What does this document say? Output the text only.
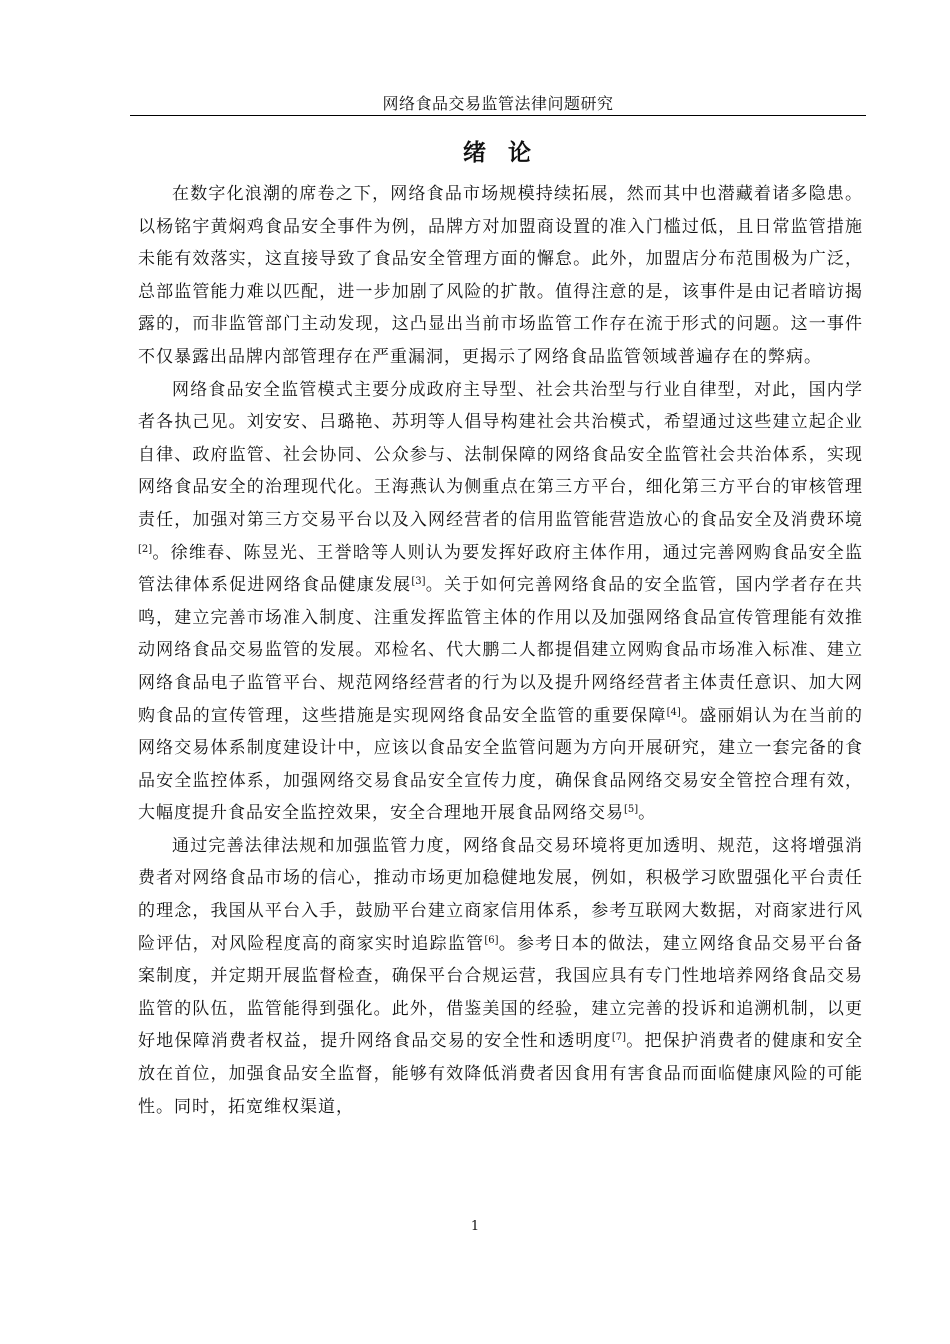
网络食品交易监管法律问题研究
绪 论

在数字化浪潮的席卷之下，网络食品市场规模持续拓展，然而其中也潜藏着诸多隐患。以杨铭宇黄焖鸡食品安全事件为例，品牌方对加盟商设置的准入门槛过低，且日常监管措施未能有效落实，这直接导致了食品安全管理方面的懈怠。此外，加盟店分布范围极为广泛，总部监管能力难以匹配，进一步加剧了风险的扩散。值得注意的是，该事件是由记者暗访揭露的，而非监管部门主动发现，这凸显出当前市场监管工作存在流于形式的问题。这一事件不仅暴露出品牌内部管理存在严重漏洞，更揭示了网络食品监管领域普遍存在的弊病。

网络食品安全监管模式主要分成政府主导型、社会共治型与行业自律型，对此，国内学者各执己见。刘安安、吕璐艳、苏玥等人倡导构建社会共治模式，希望通过这些建立起企业自律、政府监管、社会协同、公众参与、法制保障的网络食品安全监管社会共治体系，实现网络食品安全的治理现代化。王海燕认为侧重点在第三方平台，细化第三方平台的审核管理责任，加强对第三方交易平台以及入网经营者的信用监管能营造放心的食品安全及消费环境[2]。徐维春、陈昱光、王誉晗等人则认为要发挥好政府主体作用，通过完善网购食品安全监管法律体系促进网络食品健康发展[3]。关于如何完善网络食品的安全监管，国内学者存在共鸣，建立完善市场准入制度、注重发挥监管主体的作用以及加强网络食品宣传管理能有效推动网络食品交易监管的发展。邓检名、代大鹏二人都提倡建立网购食品市场准入标准、建立网络食品电子监管平台、规范网络经营者的行为以及提升网络经营者主体责任意识、加大网购食品的宣传管理，这些措施是实现网络食品安全监管的重要保障[4]。盛丽娟认为在当前的网络交易体系制度建设计中，应该以食品安全监管问题为方向开展研究，建立一套完备的食品安全监控体系，加强网络交易食品安全宣传力度，确保食品网络交易安全管控合理有效，大幅度提升食品安全监控效果，安全合理地开展食品网络交易[5]。

通过完善法律法规和加强监管力度，网络食品交易环境将更加透明、规范，这将增强消费者对网络食品市场的信心，推动市场更加稳健地发展，例如，积极学习欧盟强化平台责任的理念，我国从平台入手，鼓励平台建立商家信用体系，参考互联网大数据，对商家进行风险评估，对风险程度高的商家实时追踪监管[6]。参考日本的做法，建立网络食品交易平台备案制度，并定期开展监督检查，确保平台合规运营，我国应具有专门性地培养网络食品交易监管的队伍，监管能得到强化。此外，借鉴美国的经验，建立完善的投诉和追溯机制，以更好地保障消费者权益，提升网络食品交易的安全性和透明度[7]。把保护消费者的健康和安全放在首位，加强食品安全监督，能够有效降低消费者因食用有害食品而面临健康风险的可能性。同时，拓宽维权渠道，

1
